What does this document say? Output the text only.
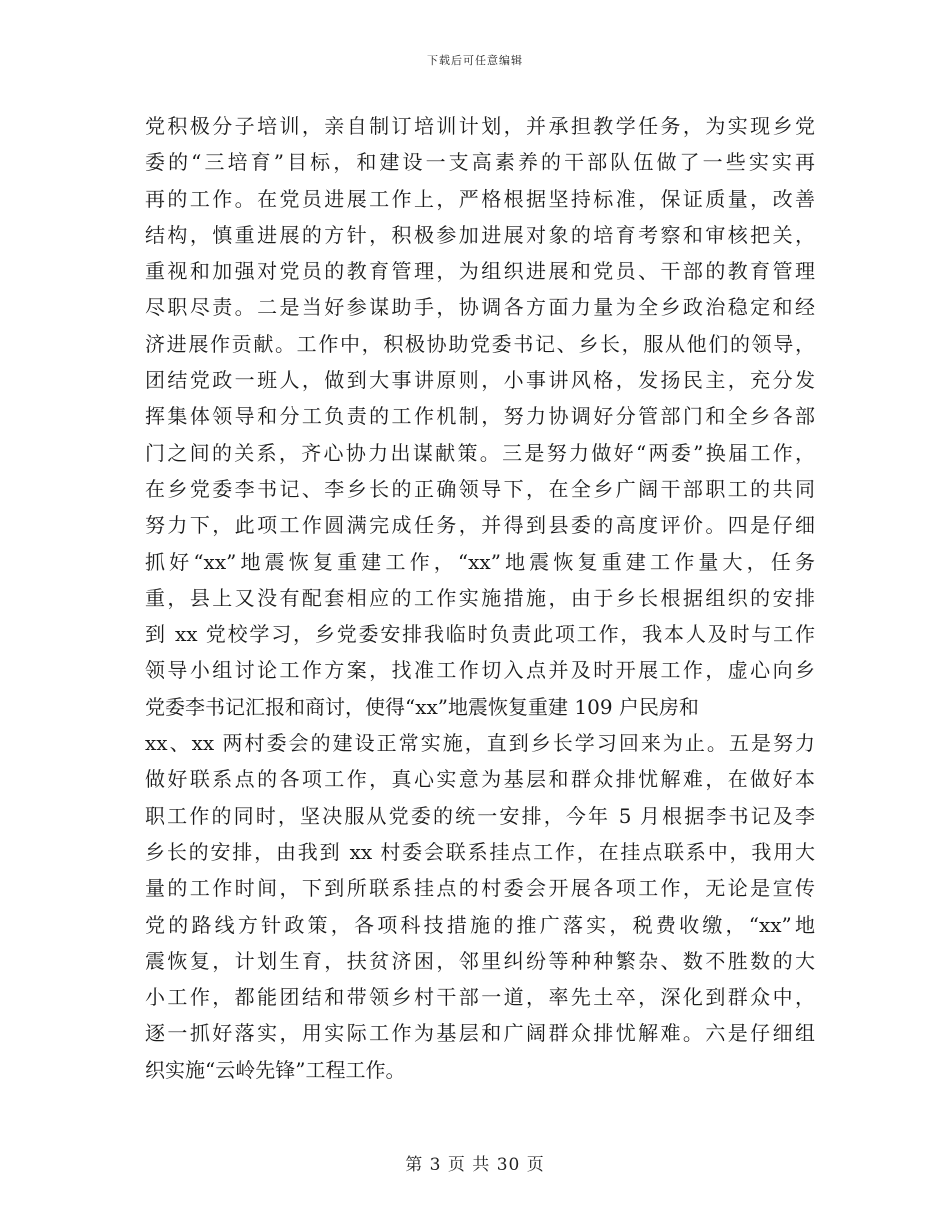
下载后可任意编辑
党积极分子培训，亲自制订培训计划，并承担教学任务，为实现乡党
委的“三培育”目标，和建设一支高素养的干部队伍做了一些实实再
再的工作。在党员进展工作上，严格根据坚持标准，保证质量，改善
结构，慎重进展的方针，积极参加进展对象的培育考察和审核把关，
重视和加强对党员的教育管理，为组织进展和党员、干部的教育管理
尽职尽责。二是当好参谋助手，协调各方面力量为全乡政治稳定和经
济进展作贡献。工作中，积极协助党委书记、乡长，服从他们的领导，
团结党政一班人，做到大事讲原则，小事讲风格，发扬民主，充分发
挥集体领导和分工负责的工作机制，努力协调好分管部门和全乡各部
门之间的关系，齐心协力出谋献策。三是努力做好“两委”换届工作，
在乡党委李书记、李乡长的正确领导下，在全乡广阔干部职工的共同
努力下，此项工作圆满完成任务，并得到县委的高度评价。四是仔细
抓好“xx”地震恢复重建工作，“xx”地震恢复重建工作量大，任务
重，县上又没有配套相应的工作实施措施，由于乡长根据组织的安排
到 xx 党校学习，乡党委安排我临时负责此项工作，我本人及时与工作
领导小组讨论工作方案，找准工作切入点并及时开展工作，虚心向乡
党委李书记汇报和商讨，使得“xx”地震恢复重建 109 户民房和
xx、xx 两村委会的建设正常实施，直到乡长学习回来为止。五是努力
做好联系点的各项工作，真心实意为基层和群众排忧解难，在做好本
职工作的同时，坚决服从党委的统一安排，今年 5 月根据李书记及李
乡长的安排，由我到 xx 村委会联系挂点工作，在挂点联系中，我用大
量的工作时间，下到所联系挂点的村委会开展各项工作，无论是宣传
党的路线方针政策，各项科技措施的推广落实，税费收缴，“xx”地
震恢复，计划生育，扶贫济困，邻里纠纷等种种繁杂、数不胜数的大
小工作，都能团结和带领乡村干部一道，率先土卒，深化到群众中，
逐一抓好落实，用实际工作为基层和广阔群众排忧解难。六是仔细组
织实施“云岭先锋”工程工作。
第 3 页 共 30 页
